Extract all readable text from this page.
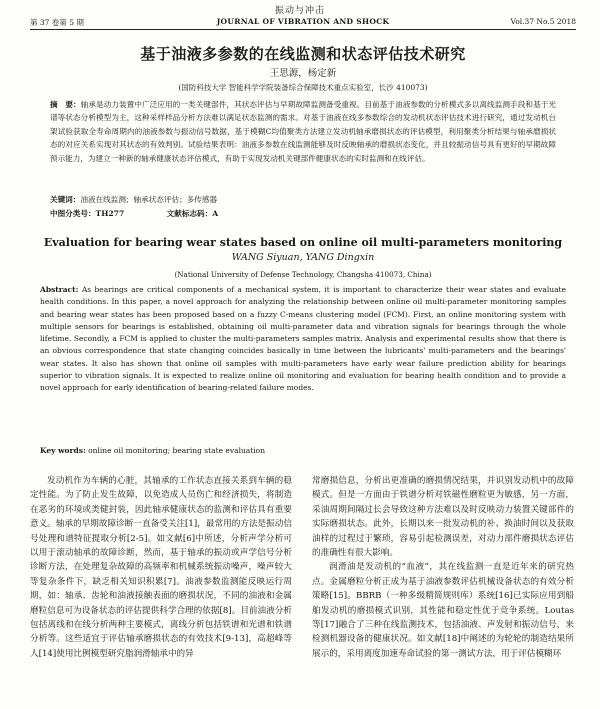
振动与冲击
第 37 卷第 5 期	JOURNAL OF VIBRATION AND SHOCK	Vol.37 No.5 2018
基于油液多参数的在线监测和状态评估技术研究
王思源，杨定新
(国防科技大学 智能科学学院装备综合保障技术重点实验室，长沙 410073)
摘　要：轴承是动力装置中广泛应用的一类关键部件，其状态评估与早期故障监测备受重视。目前基于油液参数的分析模式多以离线监测手段和基于光谱等状态分析模型为主，这种采样样品分析方法难以满足状态监测的需求。对基于油液在线多参数综合的发动机状态评估技术进行研究，通过发动机台架试验获取全寿命周期内的油液参数与振动信号数据，基于模糊C均值聚类方法建立发动机轴承磨损状态的评估模型，利用聚类分析结果与轴承磨损状态的对应关系实现对其状态的有效判别。试验结果表明：油液多参数在线监测能够及时反映轴承的磨损状态变化，并且较振动信号具有更好的早期故障预示能力，为建立一种新的轴承健康状态评估模式，有助于实现发动机关键部件健康状态的实时监测和在线评估。
关键词：油液在线监测；轴承状态评估；多传感器
中图分类号：TH277	文献标志码：A
Evaluation for bearing wear states based on online oil multi-parameters monitoring
WANG Siyuan, YANG Dingxin
(National University of Defense Technology, Changsha 410073, China)
Abstract: As bearings are critical components of a mechanical system, it is important to characterize their wear states and evaluate health conditions. In this paper, a novel approach for analyzing the relationship between online oil multi-parameter monitoring samples and bearing wear states has been proposed based on a fuzzy C-means clustering model (FCM). First, an online monitoring system with multiple sensors for bearings is established, obtaining oil multi-parameter data and vibration signals for bearings through the whole lifetime. Secondly, a FCM is applied to cluster the multi-parameters samples matrix. Analysis and experimental results show that there is an obvious correspondence that state changing coincides basically in time between the lubricants' multi-parameters and the bearings' wear states. It also has shown that online oil samples with multi-parameters have early wear failure prediction ability for bearings superior to vibration signals. It is expected to realize online oil monitoring and evaluation for bearing health condition and to provide a novel approach for early identification of bearing-related failure modes.
Key words: online oil monitoring; bearing state evaluation

发动机作为车辆的心脏，其轴承的工作状态直接关系到车辆的稳定性能。为了防止发生故障，以免造成人员伤亡和经济损失，将制造在恶劣的环境或类健封装，因此轴承健康状态的监测和评估具有重要意义。轴承的早期故障诊断一直备受关注[1]，最常用的方法是振动信号处理和谱特征提取分析[2-5]。如文献[6]中所述，分析声学分析可以用于滚动轴承的故障诊断，然而，基于轴承的振动或声学信号分析诊断方法，在处理复杂故障的高频率和机械系统振动噪声，噪声较大等复杂条件下，缺乏相关知识积累[7]。油液参数监测能反映运行周期，如：轴承、齿轮和油液接触表面的磨损状况，不同的油液和金属磨粒信息可为设备状态的评估提供科学合理的依据[8]。目前油液分析包括离线和在线分析两种主要模式，离线分析包括铁谱和光谱和铁谱分析等。这些适宜于评估轴承磨损状态的有效技术[9-13]，高超峰等人[14]使用比例模型研究脂润滑轴承中的异

常磨损信息，分析出更准确的磨损情况结果，并识别发动机中的故障模式。但是一方面由于铁谱分析对铁磁性磨粒更为敏感，另一方面，采油周期间隔过长会导致这种方法难以及时反映动力装置关键部件的实际磨损状态。此外，长期以来一批发动机的补、换油时间以及获取油样的过程过于繁琐，容易引起检测误差，对动力部件磨损状态评估的准确性有很大影响。

润滑油是发动机的“血液”，其在线监测一直是近年来的研究热点。金属磨粒分析正成为基于油液参数评估机械设备状态的有效分析策略[15]。BBRB（一种多级精简规则库）系统[16]已实际应用到船舶发动机的磨损模式识别，其性能和稳定性优于竞争系统。Loutas 等[17]融合了三种在线监测技术，包括油液、声发射和振动信号，来检测机器设备的健康状况。如文献[18]中阐述的为轮轮的制造结果所展示的，采用离度加速寿命试验的第一测试方法，用于评估模糊环
